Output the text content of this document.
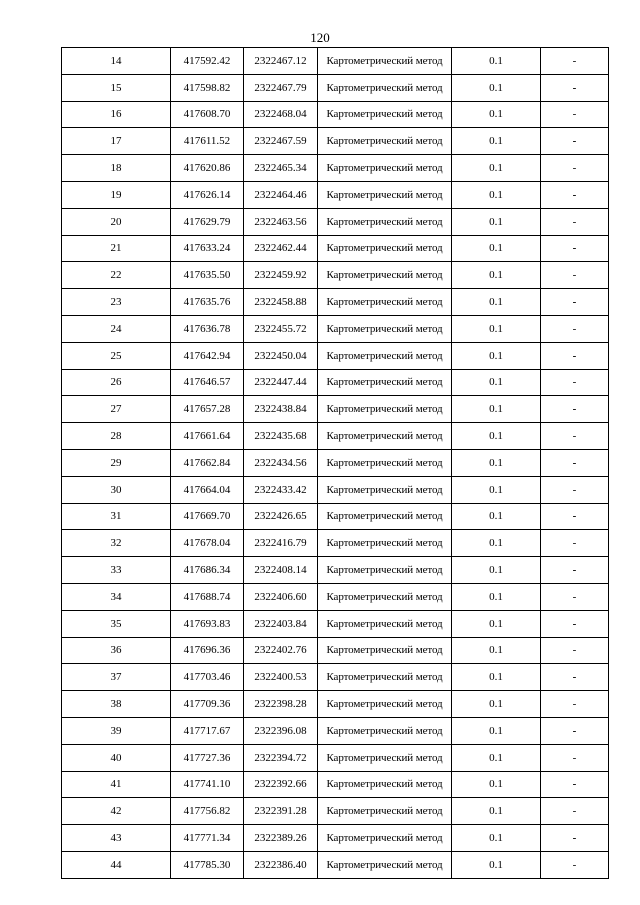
120
14	417592.42	2322467.12	Картометрический метод	0.1	-
15	417598.82	2322467.79	Картометрический метод	0.1	-
16	417608.70	2322468.04	Картометрический метод	0.1	-
17	417611.52	2322467.59	Картометрический метод	0.1	-
18	417620.86	2322465.34	Картометрический метод	0.1	-
19	417626.14	2322464.46	Картометрический метод	0.1	-
20	417629.79	2322463.56	Картометрический метод	0.1	-
21	417633.24	2322462.44	Картометрический метод	0.1	-
22	417635.50	2322459.92	Картометрический метод	0.1	-
23	417635.76	2322458.88	Картометрический метод	0.1	-
24	417636.78	2322455.72	Картометрический метод	0.1	-
25	417642.94	2322450.04	Картометрический метод	0.1	-
26	417646.57	2322447.44	Картометрический метод	0.1	-
27	417657.28	2322438.84	Картометрический метод	0.1	-
28	417661.64	2322435.68	Картометрический метод	0.1	-
29	417662.84	2322434.56	Картометрический метод	0.1	-
30	417664.04	2322433.42	Картометрический метод	0.1	-
31	417669.70	2322426.65	Картометрический метод	0.1	-
32	417678.04	2322416.79	Картометрический метод	0.1	-
33	417686.34	2322408.14	Картометрический метод	0.1	-
34	417688.74	2322406.60	Картометрический метод	0.1	-
35	417693.83	2322403.84	Картометрический метод	0.1	-
36	417696.36	2322402.76	Картометрический метод	0.1	-
37	417703.46	2322400.53	Картометрический метод	0.1	-
38	417709.36	2322398.28	Картометрический метод	0.1	-
39	417717.67	2322396.08	Картометрический метод	0.1	-
40	417727.36	2322394.72	Картометрический метод	0.1	-
41	417741.10	2322392.66	Картометрический метод	0.1	-
42	417756.82	2322391.28	Картометрический метод	0.1	-
43	417771.34	2322389.26	Картометрический метод	0.1	-
44	417785.30	2322386.40	Картометрический метод	0.1	-
